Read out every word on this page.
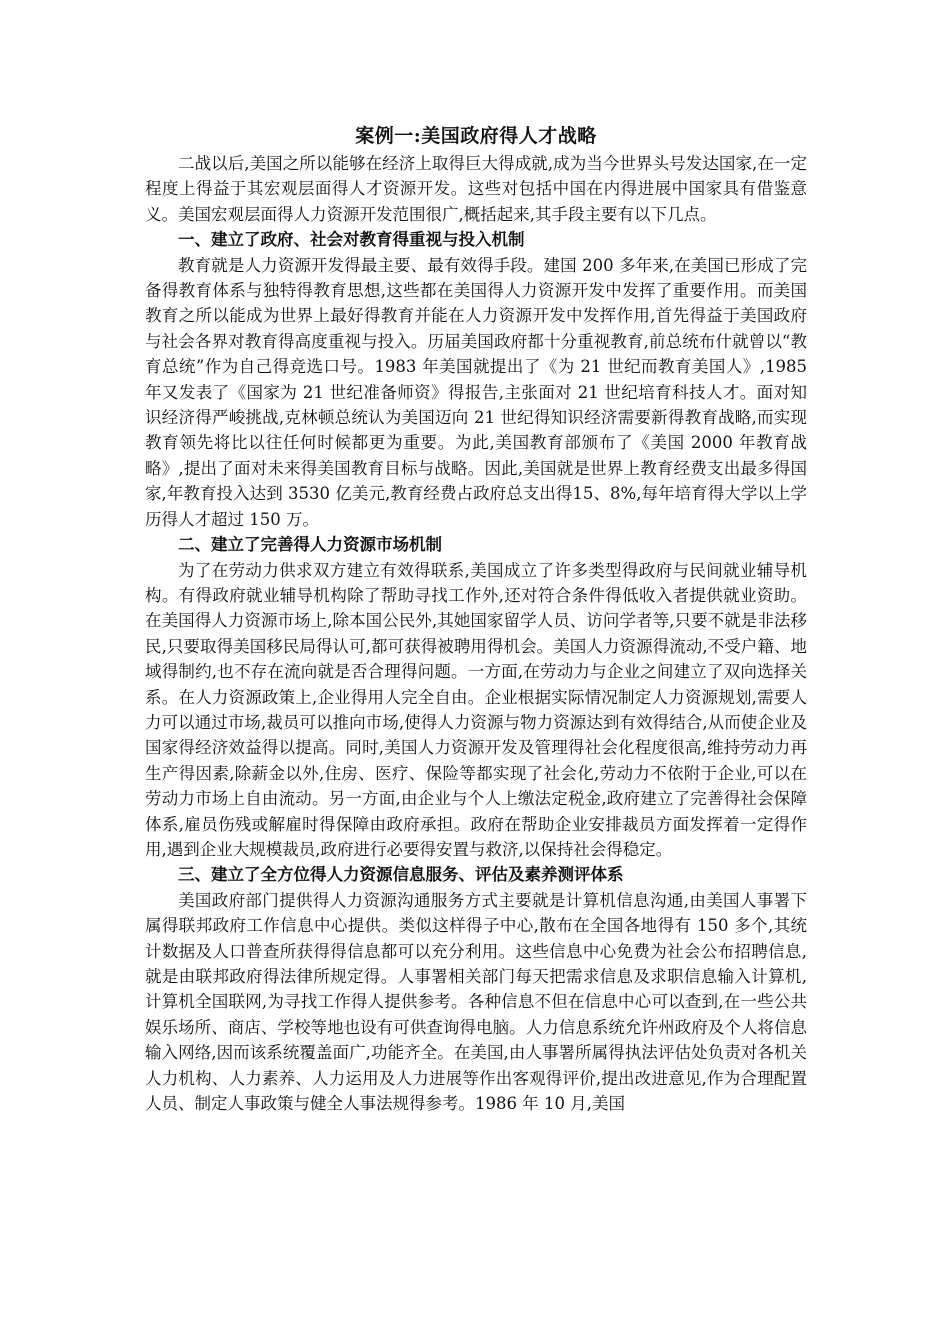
案例一:美国政府得人才战略

二战以后,美国之所以能够在经济上取得巨大得成就,成为当今世界头号发达国家,在一定程度上得益于其宏观层面得人才资源开发。这些对包括中国在内得进展中国家具有借鉴意义。美国宏观层面得人力资源开发范围很广,概括起来,其手段主要有以下几点。

一、建立了政府、社会对教育得重视与投入机制

教育就是人力资源开发得最主要、最有效得手段。建国 200 多年来,在美国已形成了完备得教育体系与独特得教育思想,这些都在美国得人力资源开发中发挥了重要作用。而美国教育之所以能成为世界上最好得教育并能在人力资源开发中发挥作用,首先得益于美国政府与社会各界对教育得高度重视与投入。历届美国政府都十分重视教育,前总统布什就曾以“教育总统”作为自己得竞选口号。1983 年美国就提出了《为 21 世纪而教育美国人》,1985 年又发表了《国家为 21 世纪准备师资》得报告,主张面对 21 世纪培育科技人才。面对知识经济得严峻挑战,克林顿总统认为美国迈向 21 世纪得知识经济需要新得教育战略,而实现教育领先将比以往任何时候都更为重要。为此,美国教育部颁布了《美国 2000 年教育战略》,提出了面对未来得美国教育目标与战略。因此,美国就是世界上教育经费支出最多得国家,年教育投入达到 3530 亿美元,教育经费占政府总支出得15、8%,每年培育得大学以上学历得人才超过 150 万。

二、建立了完善得人力资源市场机制

为了在劳动力供求双方建立有效得联系,美国成立了许多类型得政府与民间就业辅导机构。有得政府就业辅导机构除了帮助寻找工作外,还对符合条件得低收入者提供就业资助。在美国得人力资源市场上,除本国公民外,其她国家留学人员、访问学者等,只要不就是非法移民,只要取得美国移民局得认可,都可获得被聘用得机会。美国人力资源得流动,不受户籍、地域得制约,也不存在流向就是否合理得问题。一方面,在劳动力与企业之间建立了双向选择关系。在人力资源政策上,企业得用人完全自由。企业根据实际情况制定人力资源规划,需要人力可以通过市场,裁员可以推向市场,使得人力资源与物力资源达到有效得结合,从而使企业及国家得经济效益得以提高。同时,美国人力资源开发及管理得社会化程度很高,维持劳动力再生产得因素,除薪金以外,住房、医疗、保险等都实现了社会化,劳动力不依附于企业,可以在劳动力市场上自由流动。另一方面,由企业与个人上缴法定税金,政府建立了完善得社会保障体系,雇员伤残或解雇时得保障由政府承担。政府在帮助企业安排裁员方面发挥着一定得作用,遇到企业大规模裁员,政府进行必要得安置与救济,以保持社会得稳定。

三、建立了全方位得人力资源信息服务、评估及素养测评体系

美国政府部门提供得人力资源沟通服务方式主要就是计算机信息沟通,由美国人事署下属得联邦政府工作信息中心提供。类似这样得子中心,散布在全国各地得有 150 多个,其统计数据及人口普查所获得得信息都可以充分利用。这些信息中心免费为社会公布招聘信息,就是由联邦政府得法律所规定得。人事署相关部门每天把需求信息及求职信息输入计算机,计算机全国联网,为寻找工作得人提供参考。各种信息不但在信息中心可以查到,在一些公共娱乐场所、商店、学校等地也设有可供查询得电脑。人力信息系统允许州政府及个人将信息输入网络,因而该系统覆盖面广,功能齐全。在美国,由人事署所属得执法评估处负责对各机关人力机构、人力素养、人力运用及人力进展等作出客观得评价,提出改进意见,作为合理配置人员、制定人事政策与健全人事法规得参考。1986 年 10 月,美国
